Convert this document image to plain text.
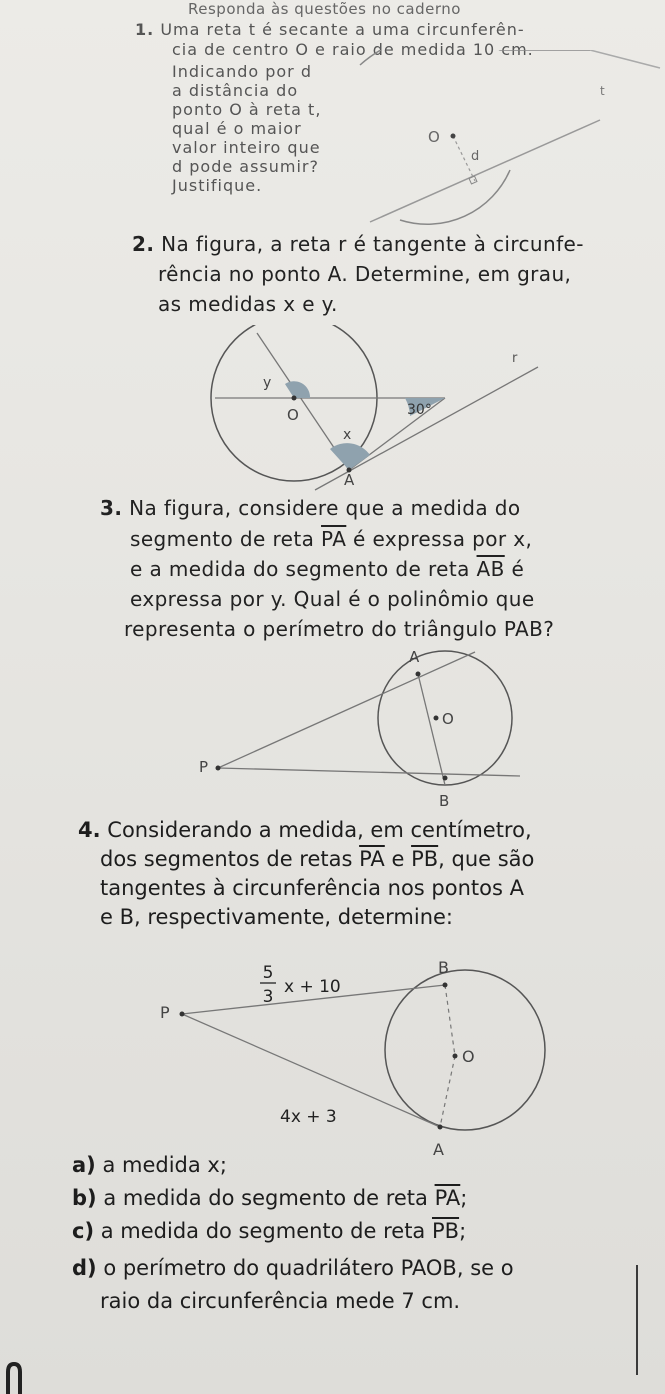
Responda às questões no caderno
1. Uma reta t é secante a uma circunferên-
cia de centro O e raio de medida 10 cm.
Indicando por d
a distância do
ponto O à reta t,
qual é o maior
valor inteiro que
d pode assumir?
Justifique.
t
O
d
2. Na figura, a reta r é tangente à circunfe-
rência no ponto A. Determine, em grau,
as medidas x e y.
r
y
O
x
A
30°
3. Na figura, considere que a medida do
segmento de reta $\overline{PA}$ é expressa por x,
e a medida do segmento de reta $\overline{AB}$ é
expressa por y. Qual é o polinômio que
representa o perímetro do triângulo PAB?
A
O
P
B
4. Considerando a medida, em centímetro,
dos segmentos de retas $\overline{PA}$ e $\overline{PB}$, que são
tangentes à circunferência nos pontos A
e B, respectivamente, determine:
5
3 x + 10
4x + 3
P
B
O
A
a) a medida x;
b) a medida do segmento de reta $\overline{PA}$;
c) a medida do segmento de reta $\overline{PB}$;
d) o perímetro do quadrilátero PAOB, se o
raio da circunferência mede 7 cm.
